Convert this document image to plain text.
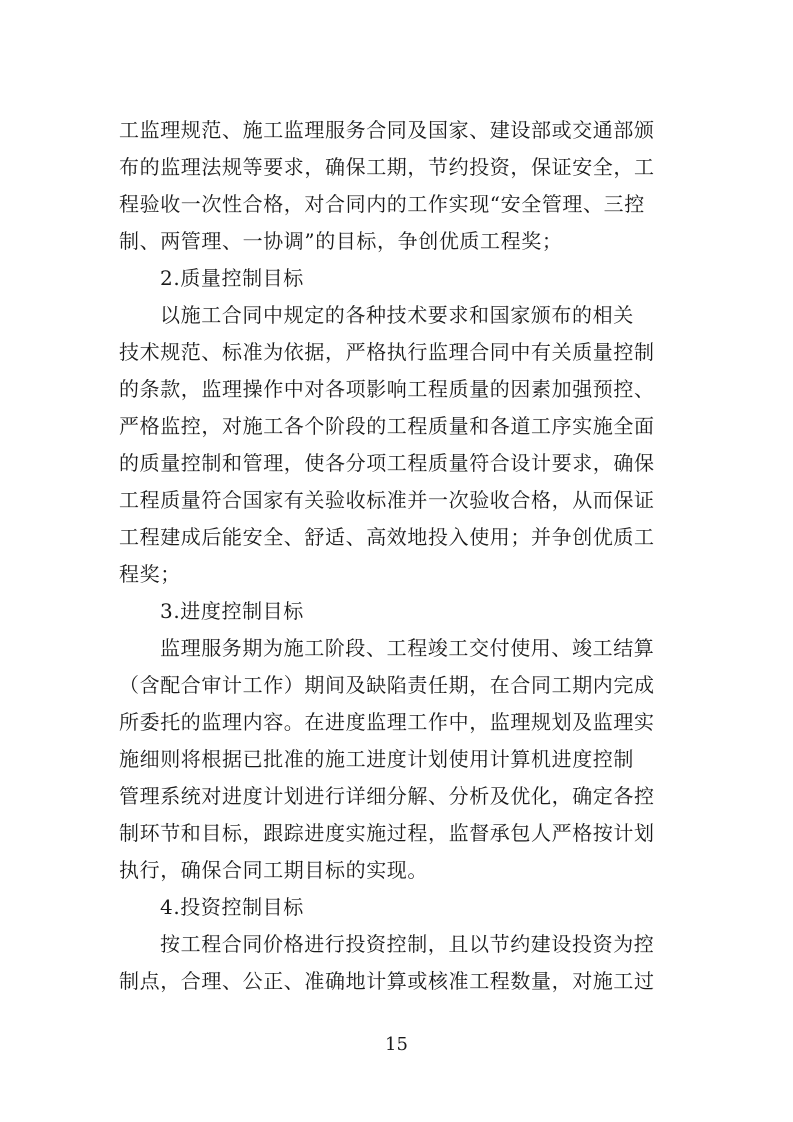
工监理规范、施工监理服务合同及国家、建设部或交通部颁
布的监理法规等要求，确保工期，节约投资，保证安全，工
程验收一次性合格，对合同内的工作实现“安全管理、三控
制、两管理、一协调”的目标，争创优质工程奖；
2.质量控制目标
以施工合同中规定的各种技术要求和国家颁布的相关
技术规范、标准为依据，严格执行监理合同中有关质量控制
的条款，监理操作中对各项影响工程质量的因素加强预控、
严格监控，对施工各个阶段的工程质量和各道工序实施全面
的质量控制和管理，使各分项工程质量符合设计要求，确保
工程质量符合国家有关验收标准并一次验收合格，从而保证
工程建成后能安全、舒适、高效地投入使用；并争创优质工
程奖；
3.进度控制目标
监理服务期为施工阶段、工程竣工交付使用、竣工结算
（含配合审计工作）期间及缺陷责任期，在合同工期内完成
所委托的监理内容。在进度监理工作中，监理规划及监理实
施细则将根据已批准的施工进度计划使用计算机进度控制
管理系统对进度计划进行详细分解、分析及优化，确定各控
制环节和目标，跟踪进度实施过程，监督承包人严格按计划
执行，确保合同工期目标的实现。
4.投资控制目标
按工程合同价格进行投资控制，且以节约建设投资为控
制点，合理、公正、准确地计算或核准工程数量，对施工过
15
